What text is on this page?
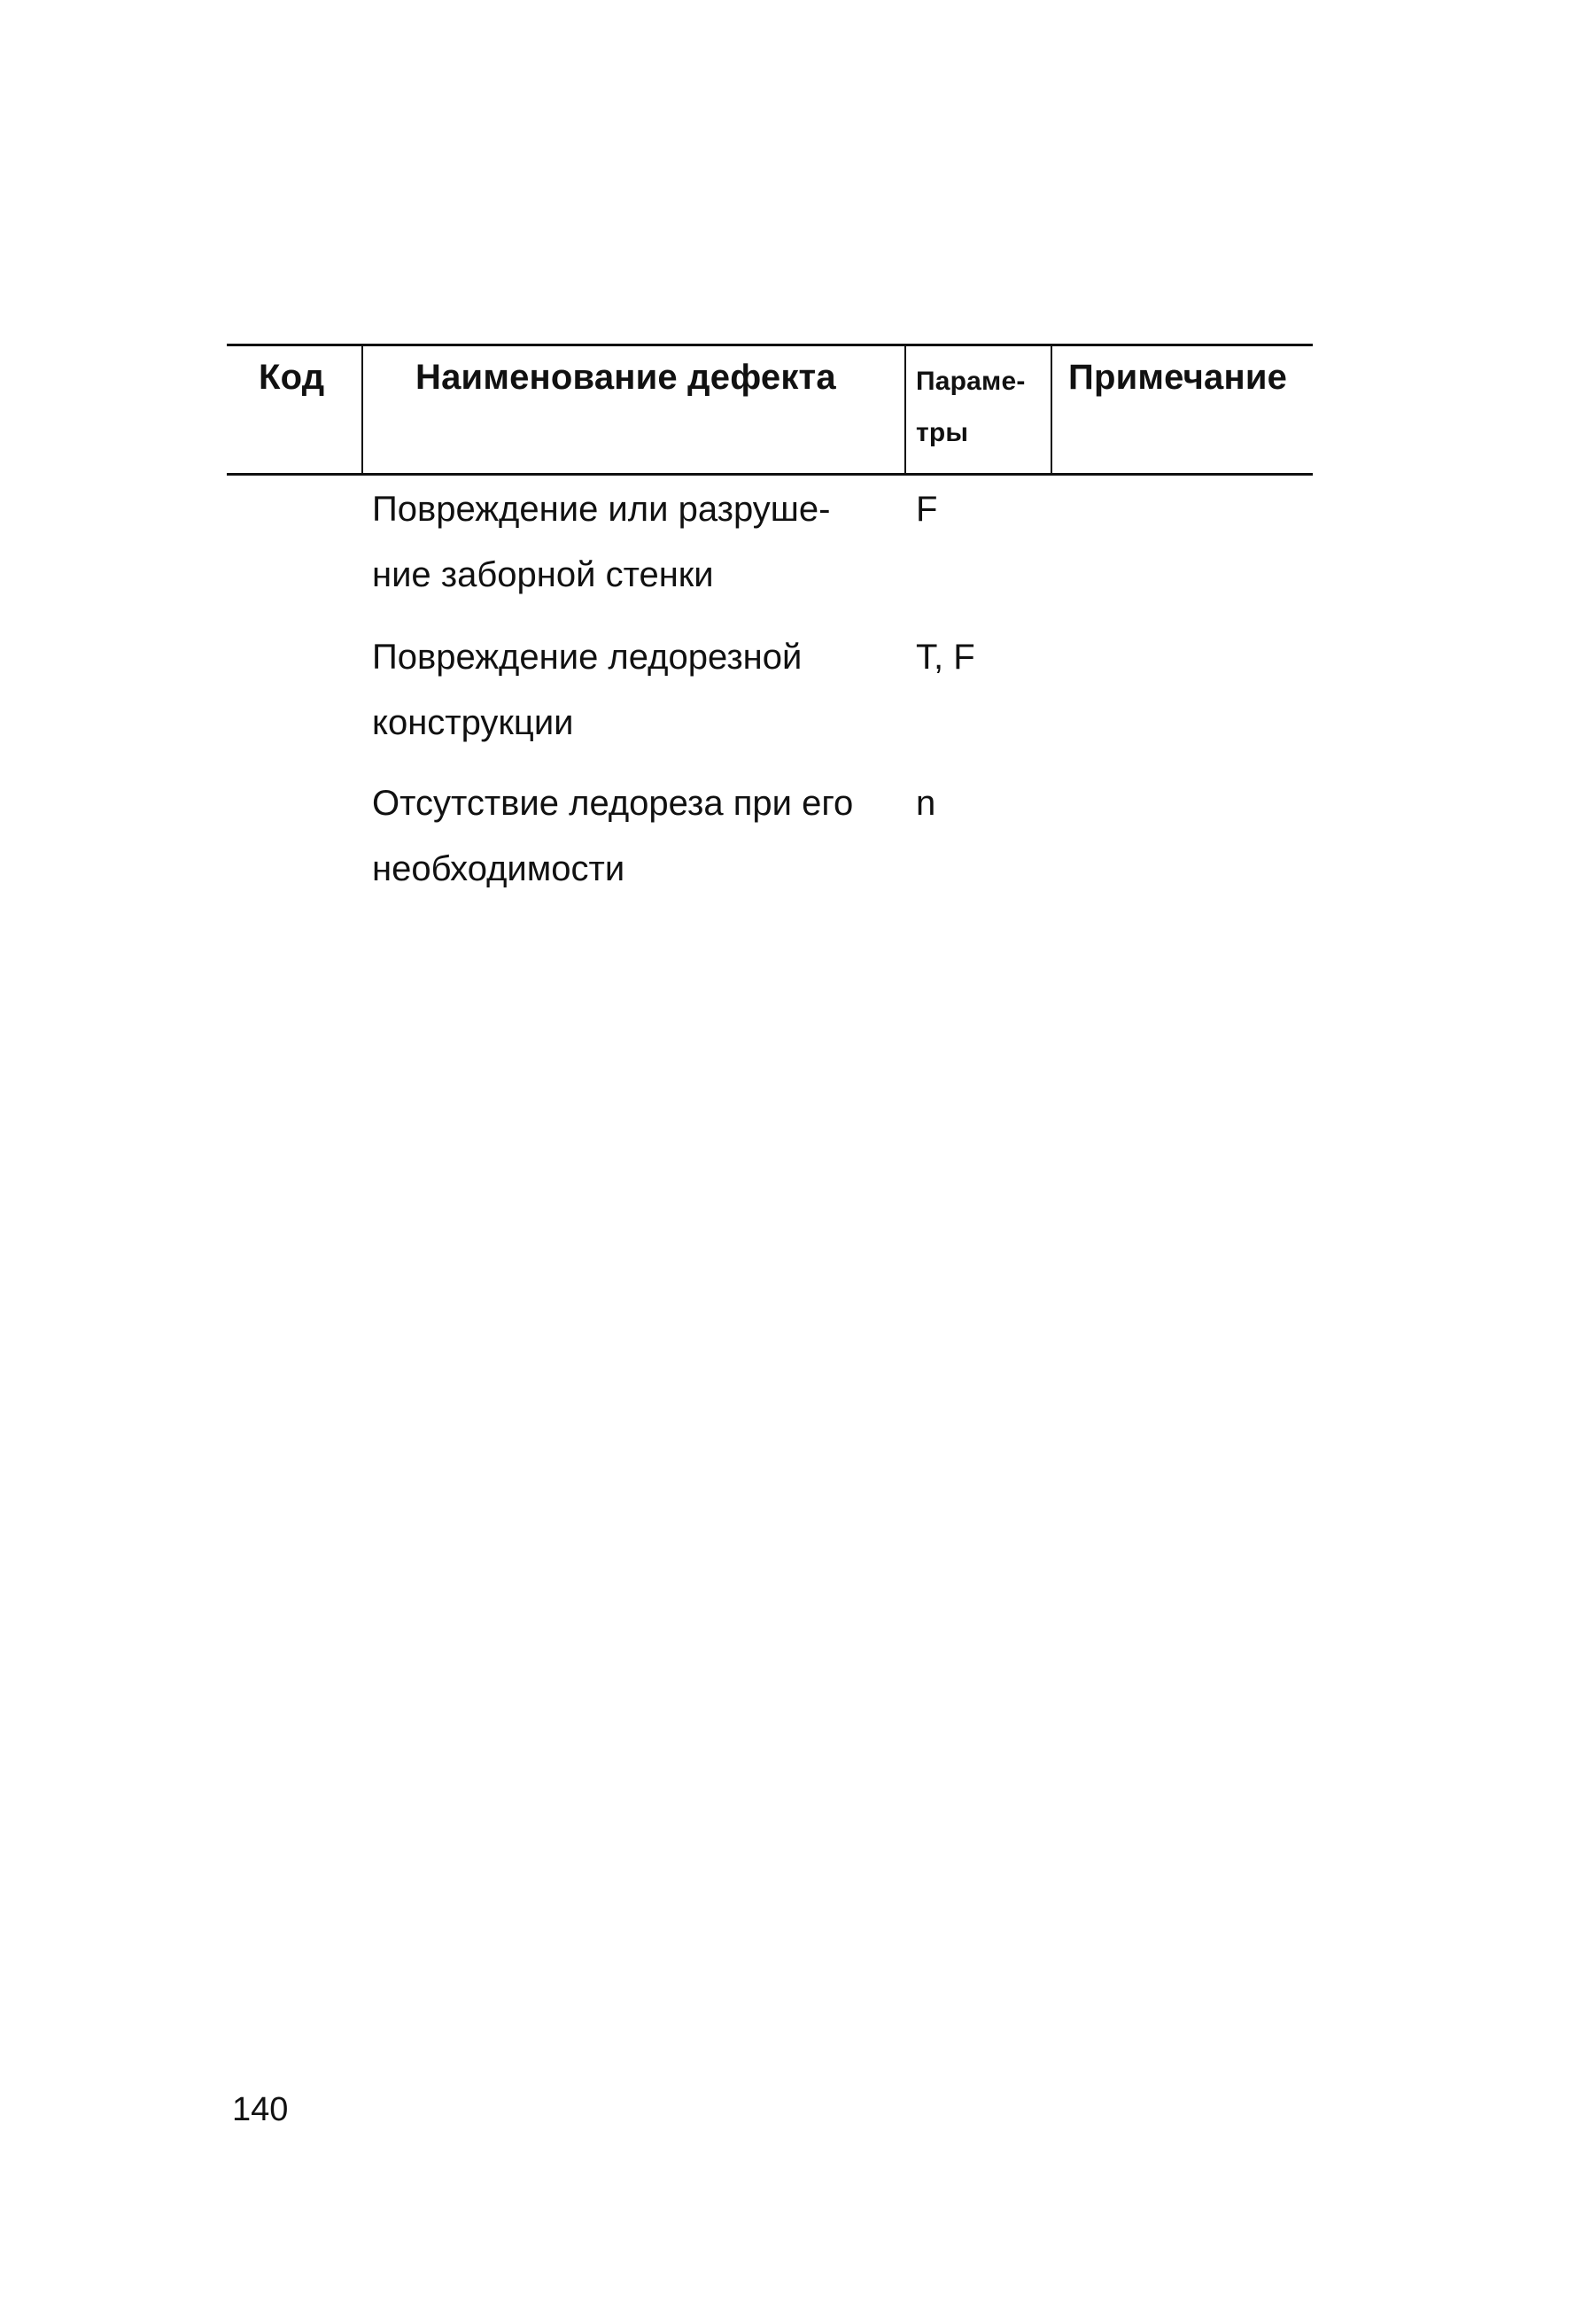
Код	Наименование дефекта	Параме-
тры
Примечание
Повреждение или разруше-
ние заборной стенки
F
Повреждение ледорезной
конструкции
T, F
Отсутствие ледореза при его
необходимости
n
140
